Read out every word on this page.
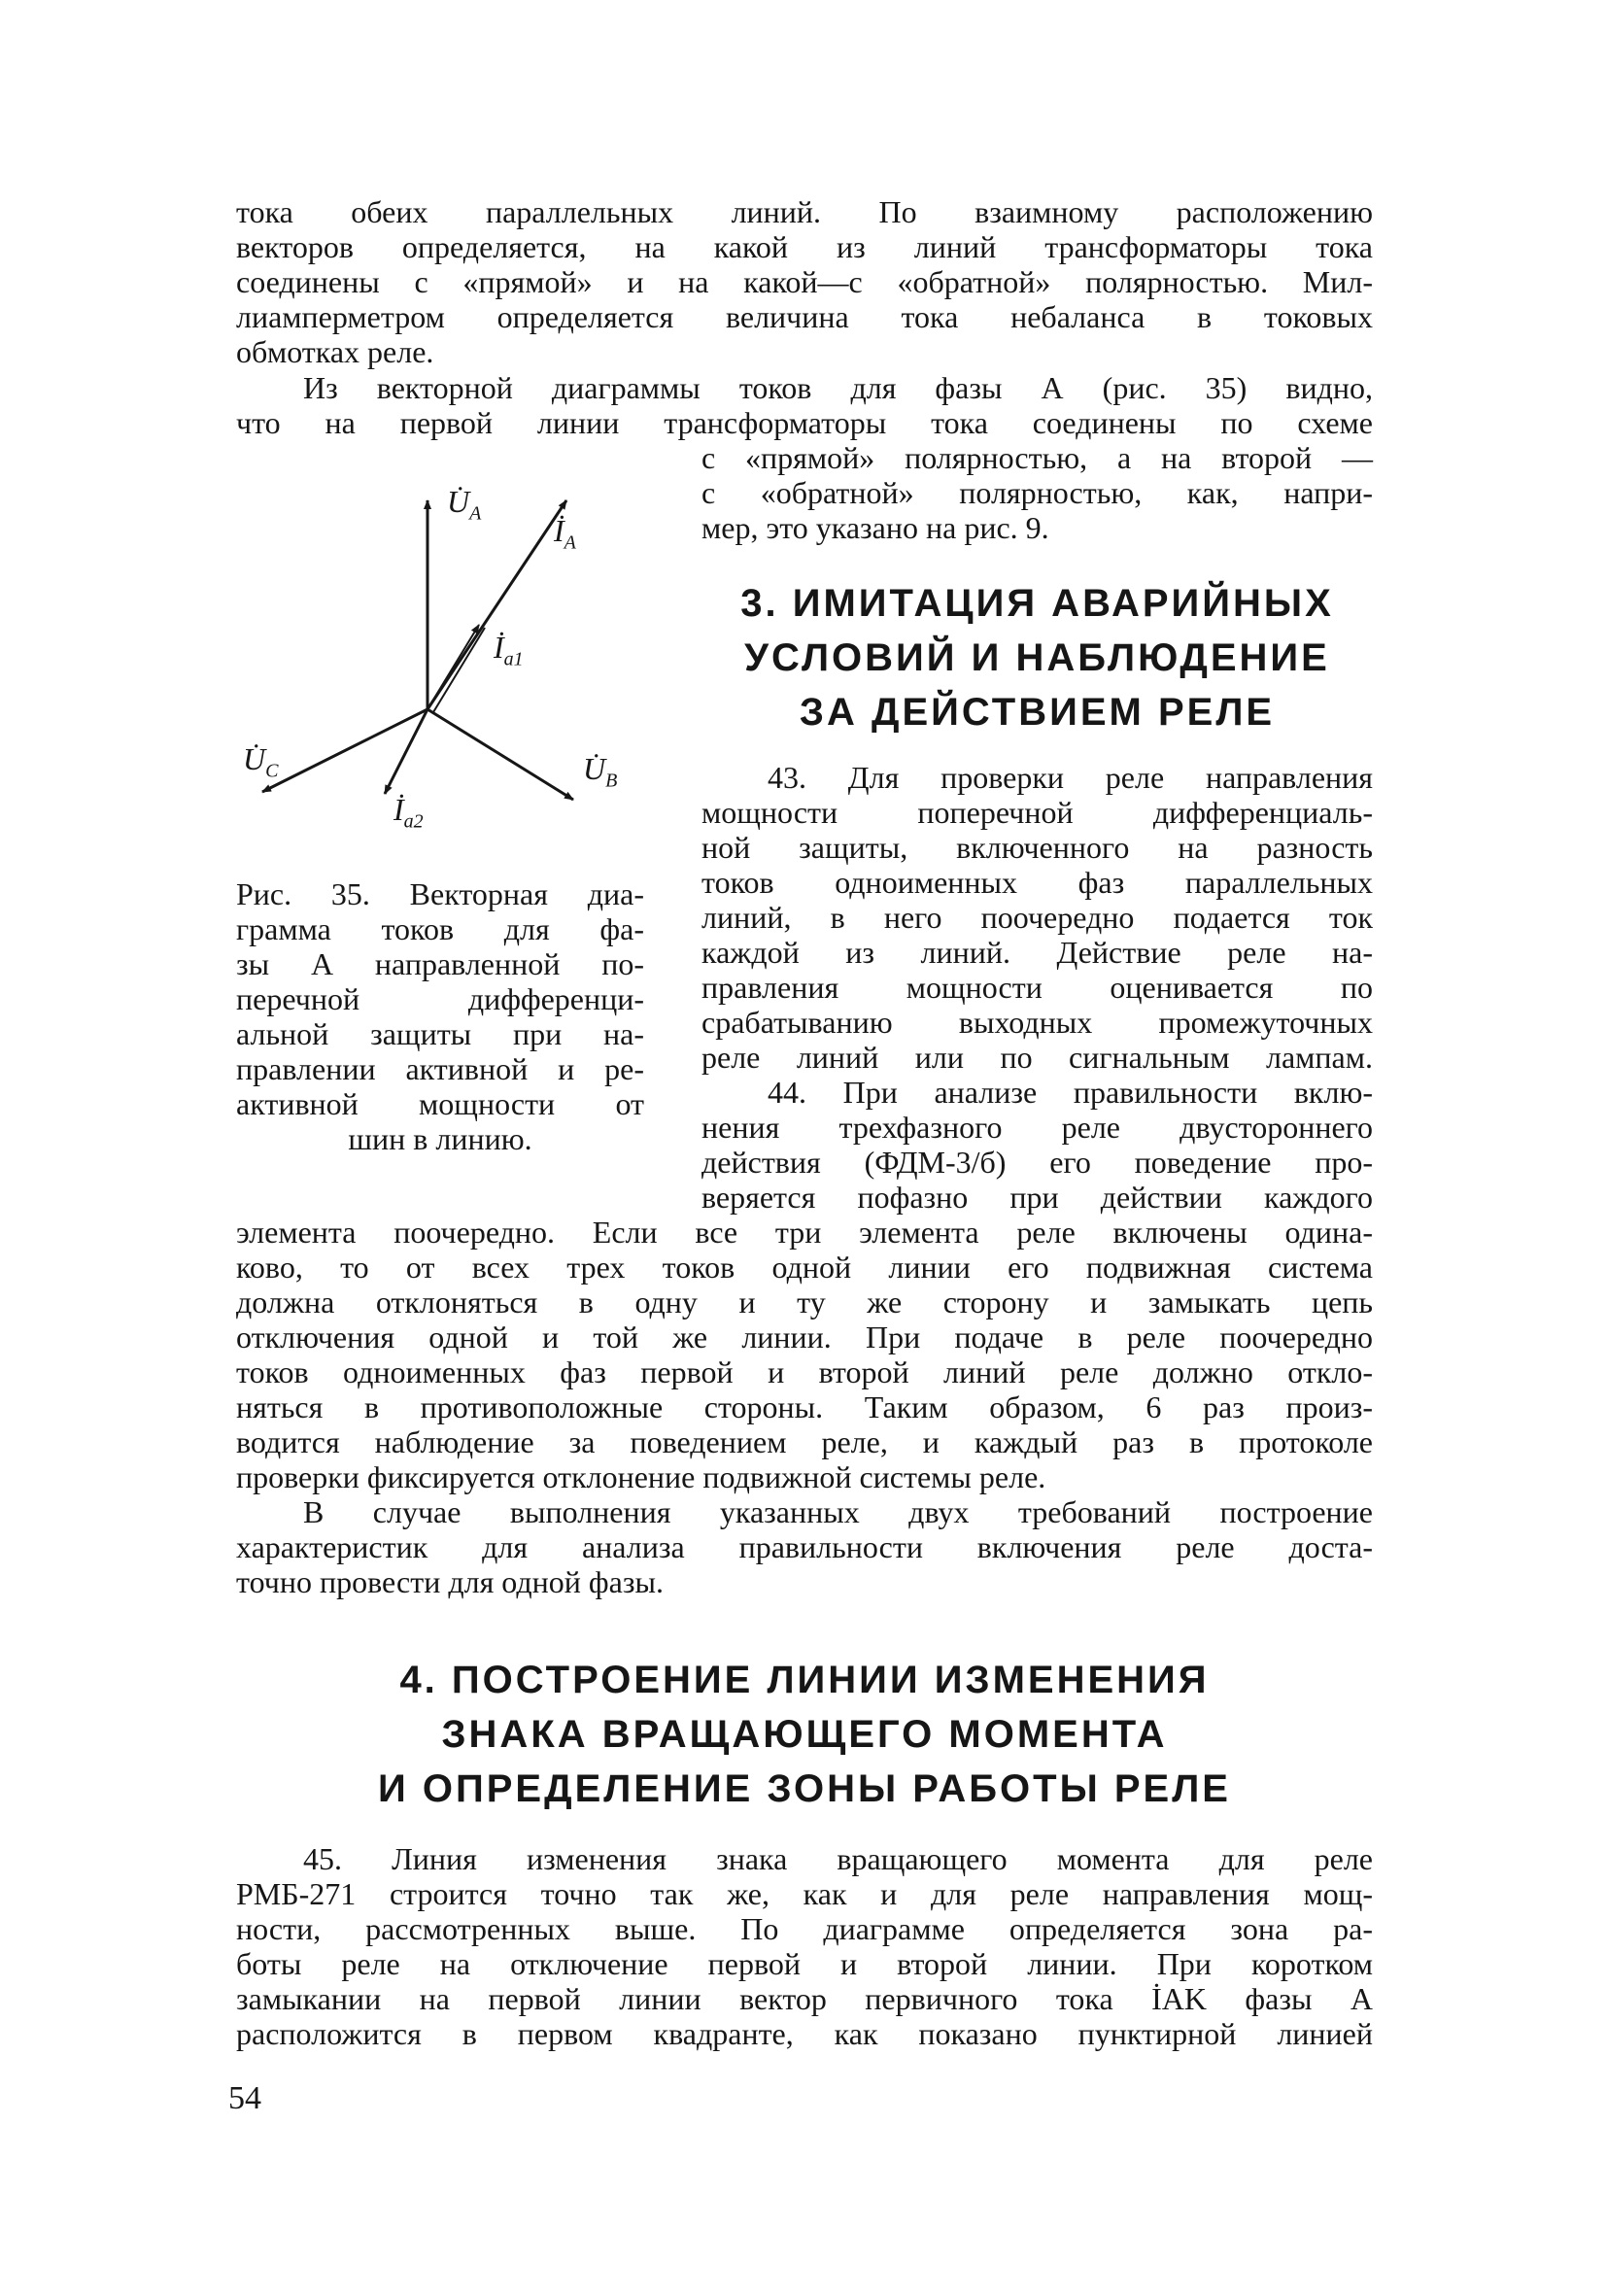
тока обеих параллельных линий. По взаимному расположению
векторов определяется, на какой из линий трансформаторы тока
соединены с «прямой» и на какой—с «обратной» полярностью. Мил-
лиамперметром определяется величина тока небаланса в токовых
обмотках реле.
Из векторной диаграммы токов для фазы А (рис. 35) видно,
что на первой линии трансформаторы тока соединены по схеме
с «прямой» полярностью, а на второй —
с «обратной» полярностью, как, напри-
мер, это указано на рис. 9.
$U̇_A$ $İ_A$
$İ_{a1}$
$U̇_C$	$U̇_B$
$İ_{a2}$
Рис. 35. Векторная диа-
грамма токов для фа-
зы А направленной по-
перечной дифференци-
альной защиты при на-
правлении активной и ре-
активной мощности от
шин в линию.
3. ИМИТАЦИЯ АВАРИЙНЫХ
УСЛОВИЙ И НАБЛЮДЕНИЕ
ЗА ДЕЙСТВИЕМ РЕЛЕ
43. Для проверки реле направления
мощности поперечной дифференциаль-
ной защиты, включенного на разность
токов одноименных фаз параллельных
линий, в него поочередно подается ток
каждой из линий. Действие реле на-
правления мощности оценивается по
срабатыванию выходных промежуточных
реле линий или по сигнальным лампам.
44. При анализе правильности вклю-
нения трехфазного реле двустороннего
действия (ФДМ-3/б) его поведение про-
веряется пофазно при действии каждого
элемента поочередно. Если все три элемента реле включены одина-
ково, то от всех трех токов одной линии его подвижная система
должна отклоняться в одну и ту же сторону и замыкать цепь
отключения одной и той же линии. При подаче в реле поочередно
токов одноименных фаз первой и второй линий реле должно откло-
няться в противоположные стороны. Таким образом, 6 раз произ-
водится наблюдение за поведением реле, и каждый раз в протоколе
проверки фиксируется отклонение подвижной системы реле.
В случае выполнения указанных двух требований построение
характеристик для анализа правильности включения реле доста-
точно провести для одной фазы.
4. ПОСТРОЕНИЕ ЛИНИИ ИЗМЕНЕНИЯ
ЗНАКА ВРАЩАЮЩЕГО МОМЕНТА
И ОПРЕДЕЛЕНИЕ ЗОНЫ РАБОТЫ РЕЛЕ
45. Линия изменения знака вращающего момента для реле
РМБ-271 строится точно так же, как и для реле направления мощ-
ности, рассмотренных выше. По диаграмме определяется зона ра-
боты реле на отключение первой и второй линии. При коротком
замыкании на первой линии вектор первичного тока İAK фазы А
расположится в первом квадранте, как показано пунктирной линией
54
